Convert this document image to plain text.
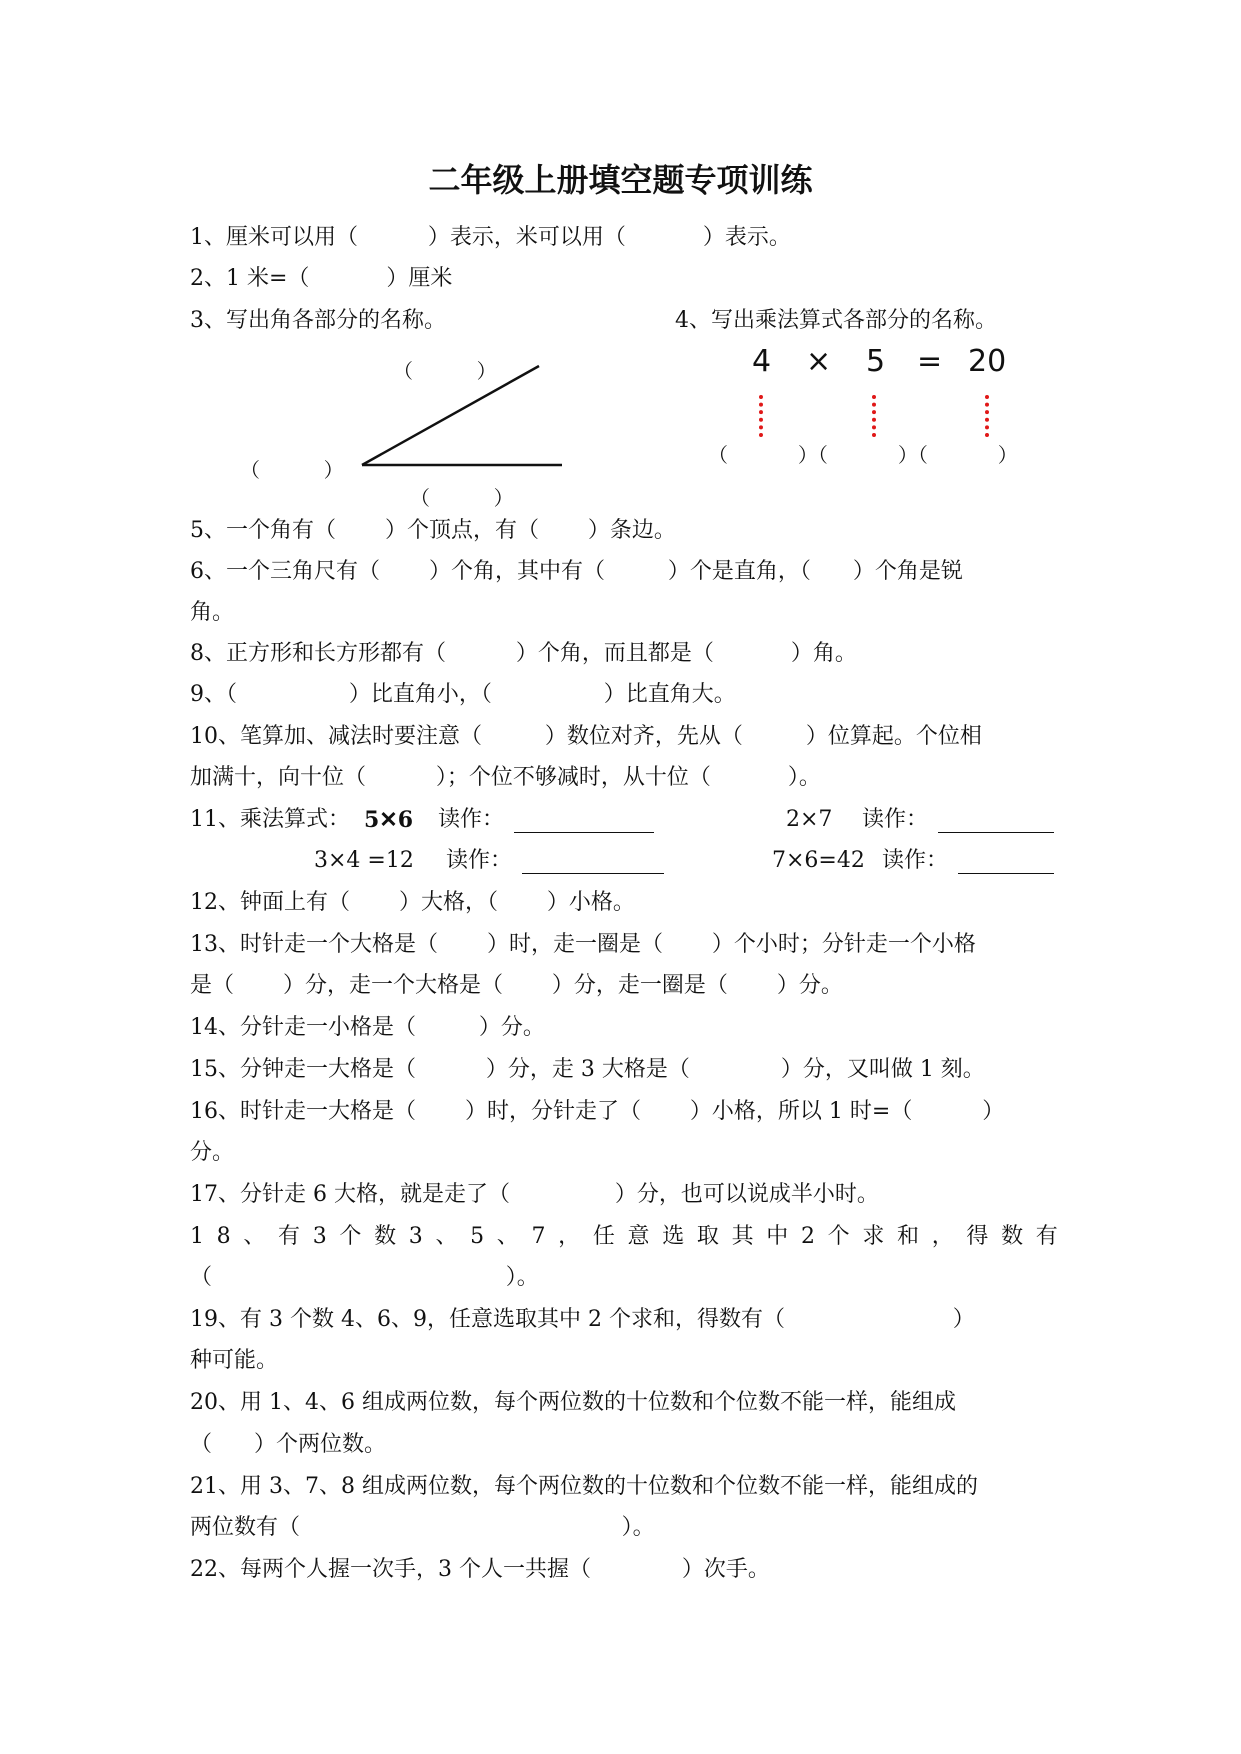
二年级上册填空题专项训练
1、厘米可以用（          ）表示，米可以用（           ）表示。
2、1 米=（           ）厘米
3、写出角各部分的名称。	4、写出乘法算式各部分的名称。
（          ）
（          ）
（          ）
4 × 5 = 20
（           ）（           ）（           ）
5、一个角有（       ）个顶点，有（       ）条边。
6、一个三角尺有（       ）个角，其中有（         ）个是直角，（      ）个角是锐
角。
8、正方形和长方形都有（          ）个角，而且都是（           ）角。
9、（                ）比直角小，（                ）比直角大。
10、笔算加、减法时要注意（         ）数位对齐，先从（         ）位算起。个位相
加满十，向十位（          ）；个位不够减时，从十位（           ）。
11、乘法算式： 5✕6 读作：	2×7 读作：
3×4 =12 读作：	7×6=42 读作：
12、钟面上有（       ）大格，（       ）小格。
13、时针走一个大格是（       ）时，走一圈是（       ）个小时；分针走一个小格
是（       ）分，走一个大格是（       ）分，走一圈是（       ）分。
14、分针走一小格是（         ）分。
15、分钟走一大格是（          ）分，走 3 大格是（             ）分，又叫做 1 刻。
16、时针走一大格是（       ）时，分针走了（       ）小格，所以 1 时=（          ）
分。
17、分针走 6 大格，就是走了（               ）分，也可以说成半小时。
1 8 、 有 3 个 数 3 、 5 、 7 ， 任 意 选 取 其 中 2 个 求 和 ， 得 数 有
（                                          ）。
19、有 3 个数 4、6、9，任意选取其中 2 个求和，得数有（                        ）
种可能。
20、用 1、4、6 组成两位数，每个两位数的十位数和个位数不能一样，能组成
（      ）个两位数。
21、用 3、7、8 组成两位数，每个两位数的十位数和个位数不能一样，能组成的
两位数有（                                              ）。
22、每两个人握一次手，3 个人一共握（             ）次手。
